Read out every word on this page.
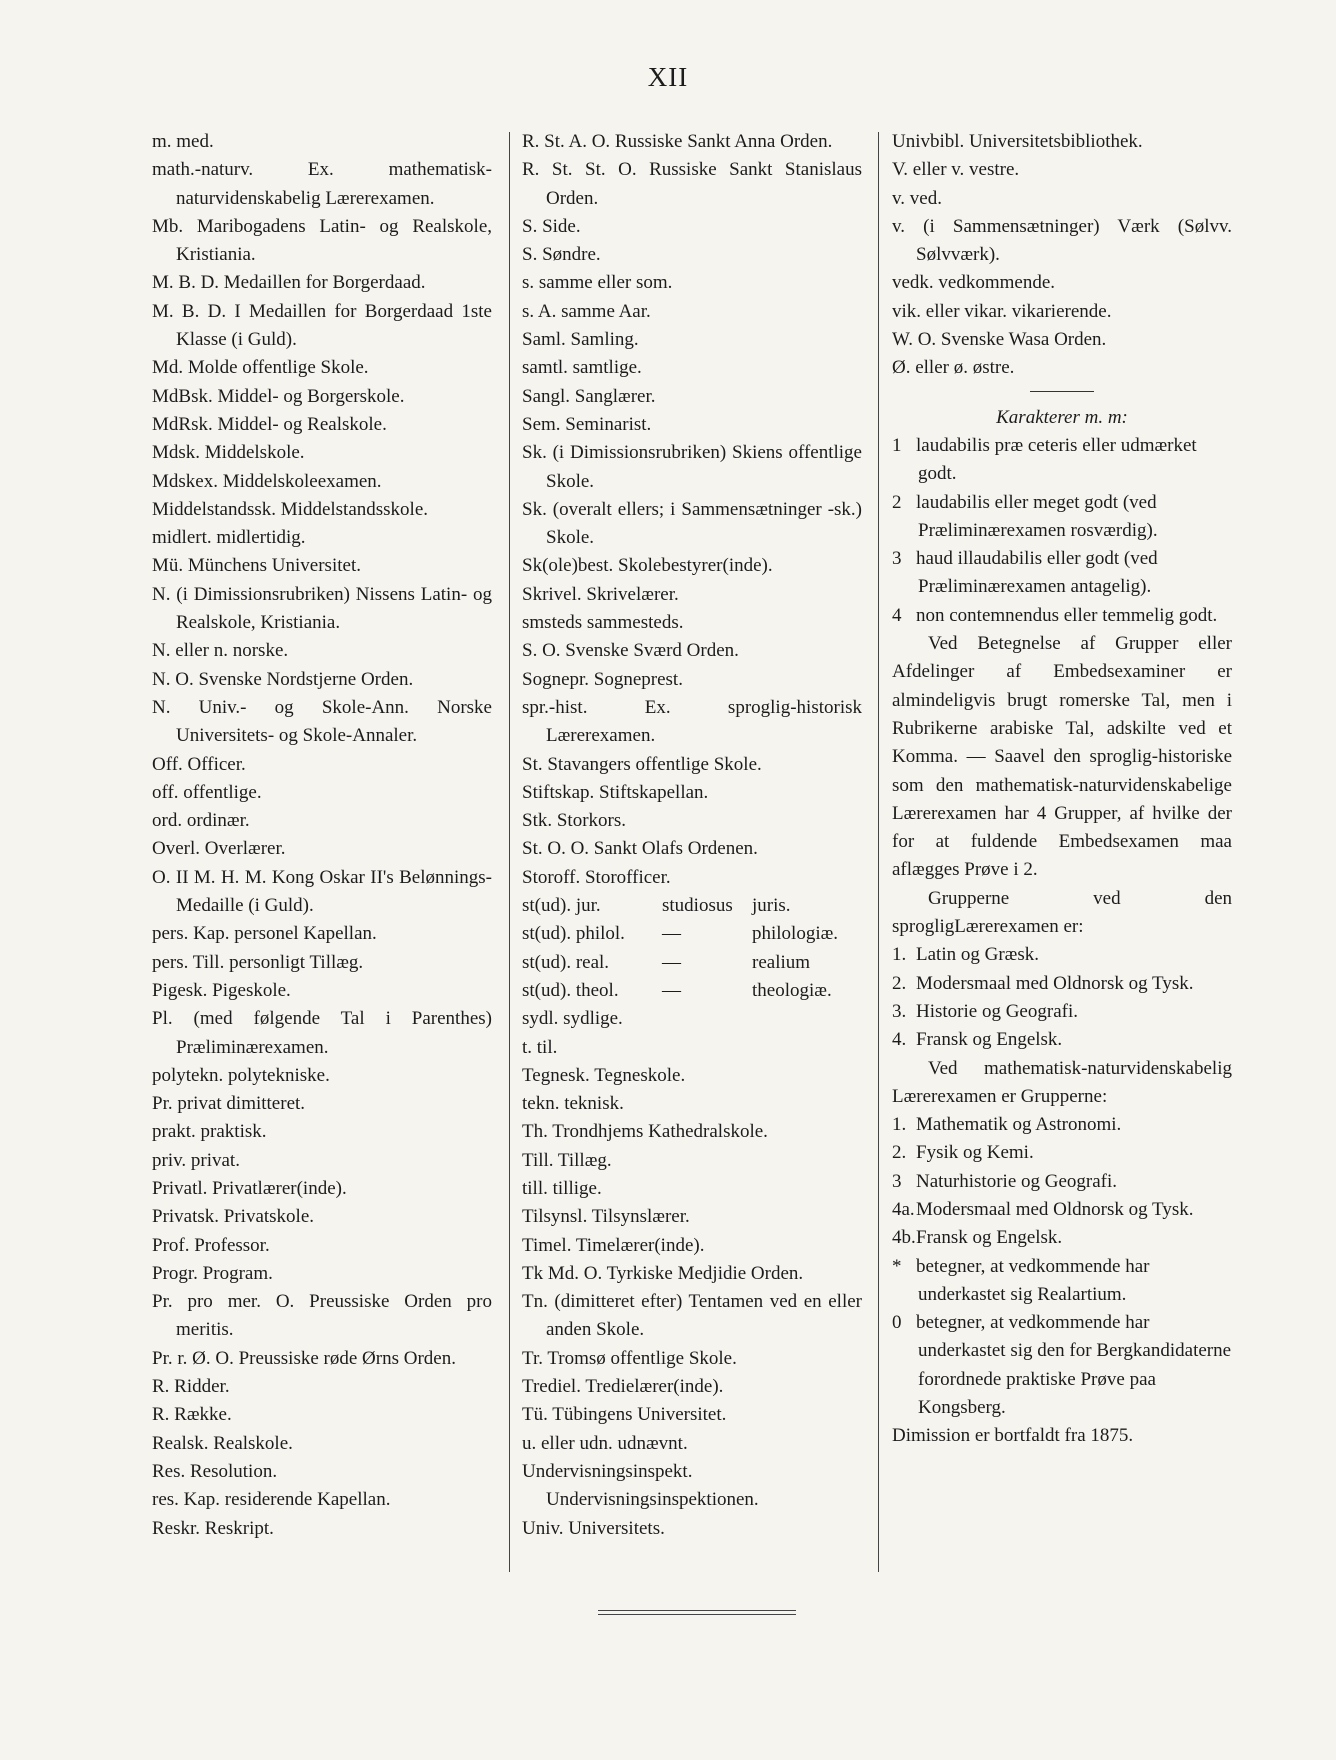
XII
m. med.
math.-naturv. Ex. mathematisk-naturvidenskabelig Lærerexamen.
Mb. Maribogadens Latin- og Realskole, Kristiania.
M. B. D. Medaillen for Borgerdaad.
M. B. D. I Medaillen for Borgerdaad 1ste Klasse (i Guld).
Md. Molde offentlige Skole.
MdBsk. Middel- og Borgerskole.
MdRsk. Middel- og Realskole.
Mdsk. Middelskole.
Mdskex. Middelskoleexamen.
Middelstandssk. Middelstandsskole.
midlert. midlertidig.
Mü. Münchens Universitet.
N. (i Dimissionsrubriken) Nissens Latin- og Realskole, Kristiania.
N. eller n. norske.
N. O. Svenske Nordstjerne Orden.
N. Univ.- og Skole-Ann. Norske Universitets- og Skole-Annaler.
Off. Officer.
off. offentlige.
ord. ordinær.
Overl. Overlærer.
O. II M. H. M. Kong Oskar II's Belønnings-Medaille (i Guld).
pers. Kap. personel Kapellan.
pers. Till. personligt Tillæg.
Pigesk. Pigeskole.
Pl. (med følgende Tal i Parenthes) Præliminærexamen.
polytekn. polytekniske.
Pr. privat dimitteret.
prakt. praktisk.
priv. privat.
Privatl. Privatlærer(inde).
Privatsk. Privatskole.
Prof. Professor.
Progr. Program.
Pr. pro mer. O. Preussiske Orden pro meritis.
Pr. r. Ø. O. Preussiske røde Ørns Orden.
R. Ridder.
R. Række.
Realsk. Realskole.
Res. Resolution.
res. Kap. residerende Kapellan.
Reskr. Reskript.
R. St. A. O. Russiske Sankt Anna Orden.
R. St. St. O. Russiske Sankt Stanislaus Orden.
S. Side.
S. Søndre.
s. samme eller som.
s. A. samme Aar.
Saml. Samling.
samtl. samtlige.
Sangl. Sanglærer.
Sem. Seminarist.
Sk. (i Dimissionsrubriken) Skiens offentlige Skole.
Sk. (overalt ellers; i Sammensætninger -sk.) Skole.
Sk(ole)best. Skolebestyrer(inde).
Skrivel. Skrivelærer.
smsteds sammesteds.
S. O. Svenske Sværd Orden.
Sognepr. Sogneprest.
spr.-hist. Ex. sproglig-historisk Lærerexamen.
St. Stavangers offentlige Skole.
Stiftskap. Stiftskapellan.
Stk. Storkors.
St. O. O. Sankt Olafs Ordenen.
Storoff. Storofficer.
st(ud). jur.	studiosus	juris.
st(ud). philol.	—	philologiæ.
st(ud). real.	—	realium
st(ud). theol.	—	theologiæ.
sydl. sydlige.
t. til.
Tegnesk. Tegneskole.
tekn. teknisk.
Th. Trondhjems Kathedralskole.
Till. Tillæg.
till. tillige.
Tilsynsl. Tilsynslærer.
Timel. Timelærer(inde).
Tk Md. O. Tyrkiske Medjidie Orden.
Tn. (dimitteret efter) Tentamen ved en eller anden Skole.
Tr. Tromsø offentlige Skole.
Trediel. Tredielærer(inde).
Tü. Tübingens Universitet.
u. eller udn. udnævnt.
Undervisningsinspekt. Undervisningsinspektionen.
Univ. Universitets.
Univbibl. Universitetsbibliothek.
V. eller v. vestre.
v. ved.
v. (i Sammensætninger) Værk (Sølvv. Sølvværk).
vedk. vedkommende.
vik. eller vikar. vikarierende.
W. O. Svenske Wasa Orden.
Ø. eller ø. østre.
Karakterer m. m:
1 laudabilis præ ceteris eller udmærket godt.
2 laudabilis eller meget godt (ved Præliminærexamen rosværdig).
3 haud illaudabilis eller godt (ved Præliminærexamen antagelig).
4 non contemnendus eller temmelig godt.
Ved Betegnelse af Grupper eller Afdelinger af Embedsexaminer er almindeligvis brugt romerske Tal, men i Rubrikerne arabiske Tal, adskilte ved et Komma. — Saavel den sproglig-historiske som den mathematisk-naturvidenskabelige Lærerexamen har 4 Grupper, af hvilke der for at fuldende Embedsexamen maa aflægges Prøve i 2.
Grupperne ved den sprogligLærerexamen er:
1. Latin og Græsk.
2. Modersmaal med Oldnorsk og Tysk.
3. Historie og Geografi.
4. Fransk og Engelsk.
Ved mathematisk-naturvidenskabelig Lærerexamen er Grupperne:
1. Mathematik og Astronomi.
2. Fysik og Kemi.
3 Naturhistorie og Geografi.
4a.Modersmaal med Oldnorsk og Tysk.
4b.Fransk og Engelsk.
* betegner, at vedkommende har underkastet sig Realartium.
0 betegner, at vedkommende har underkastet sig den for Bergkandidaterne forordnede praktiske Prøve paa Kongsberg.
Dimission er bortfaldt fra 1875.
